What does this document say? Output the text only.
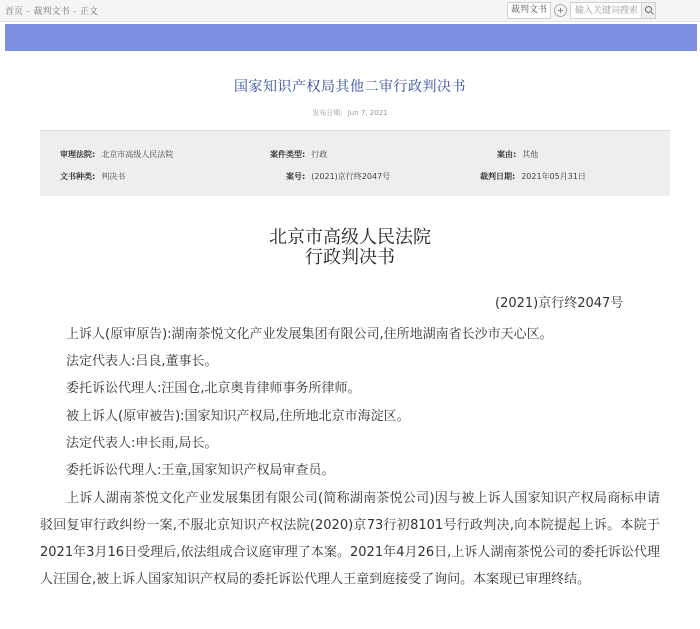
首页 – 裁判文书 – 正文	裁判文书
输入关键词搜索
国家知识产权局其他二审行政判决书
发布日期: Jun 7, 2021
审理法院: 北京市高级人民法院	案件类型: 行政	案由: 其他
文书种类: 判决书	案号: (2021)京行终2047号	裁判日期: 2021年05月31日
北京市高级人民法院
行政判决书
(2021)京行终2047号
上诉人(原审原告):湖南茶悦文化产业发展集团有限公司,住所地湖南省长沙市天心区。
法定代表人:吕良,董事长。
委托诉讼代理人:汪国仓,北京奥肯律师事务所律师。
被上诉人(原审被告):国家知识产权局,住所地北京市海淀区。
法定代表人:申长雨,局长。
委托诉讼代理人:王童,国家知识产权局审查员。
上诉人湖南茶悦文化产业发展集团有限公司(简称湖南茶悦公司)因与被上诉人国家知识产权局商标申请驳回复审行政纠纷一案,不服北京知识产权法院(2020)京73行初8101号行政判决,向本院提起上诉。本院于2021年3月16日受理后,依法组成合议庭审理了本案。2021年4月26日,上诉人湖南茶悦公司的委托诉讼代理人汪国仓,被上诉人国家知识产权局的委托诉讼代理人王童到庭接受了询问。本案现已审理终结。
